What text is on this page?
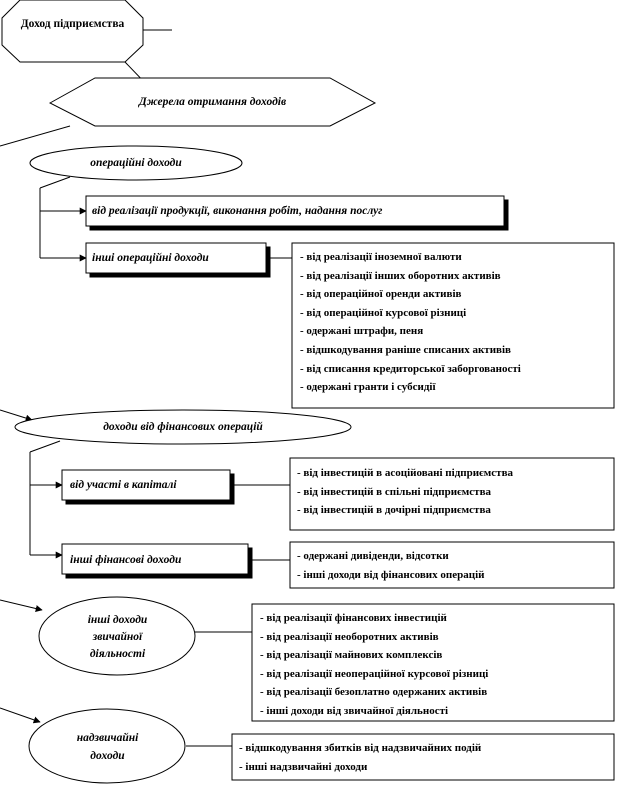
Доход підприємства
Джерела отримання доходів
операційні доходи
від реалізації продукції, виконання робіт, надання послуг
інші операційні доходи	- від реалізації іноземної валюти
- від реалізації інших оборотних активів
- від операційної оренди активів
- від операційної курсової різниці
- одержані штрафи, пеня
- відшкодування раніше списаних активів
- від списання кредиторської заборгованості
- одержані гранти і субсидії
доходи від фінансових операцій
від участі в капіталі
- від інвестицій в асоційовані підприємства
- від інвестицій в спільні підприємства
- від інвестицій в дочірні підприємства
інші фінансові доходи	- одержані дивіденди, відсотки
- інші доходи від фінансових операцій
інші доходи
звичайної
діяльності
- від реалізації фінансових інвестицій
- від реалізації необоротних активів
- від реалізації майнових комплексів
- від реалізації неопераційної курсової різниці
- від реалізації безоплатно одержаних активів
- інші доходи від звичайної діяльності
надзвичайні
доходи
- відшкодування збитків від надзвичайних подій
- інші надзвичайні доходи
